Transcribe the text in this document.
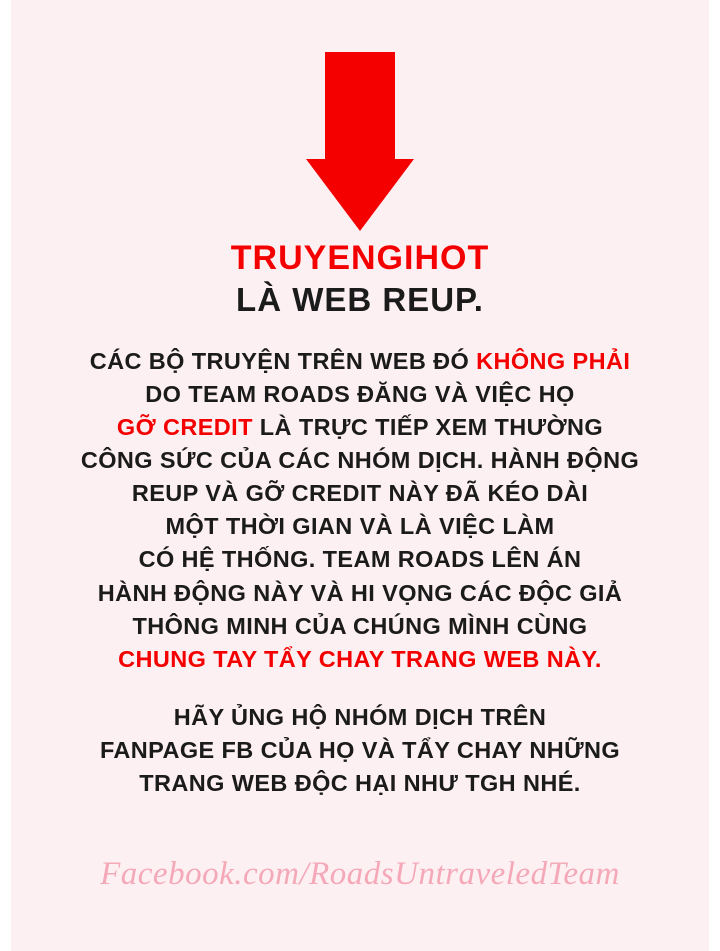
TRUYENGIHOT

LÀ WEB REUP.

CÁC BỘ TRUYỆN TRÊN WEB ĐÓ KHÔNG PHẢI
DO TEAM ROADS ĐĂNG VÀ VIỆC HỌ
GỠ CREDIT LÀ TRỰC TIẾP XEM THƯỜNG
CÔNG SỨC CỦA CÁC NHÓM DỊCH. HÀNH ĐỘNG
REUP VÀ GỠ CREDIT NÀY ĐÃ KÉO DÀI
MỘT THỜI GIAN VÀ LÀ VIỆC LÀM
CÓ HỆ THỐNG. TEAM ROADS LÊN ÁN
HÀNH ĐỘNG NÀY VÀ HI VỌNG CÁC ĐỘC GIẢ
THÔNG MINH CỦA CHÚNG MÌNH CÙNG
CHUNG TAY TẨY CHAY TRANG WEB NÀY.

HÃY ỦNG HỘ NHÓM DỊCH TRÊN
FANPAGE FB CỦA HỌ VÀ TẨY CHAY NHỮNG
TRANG WEB ĐỘC HẠI NHƯ TGH NHÉ.

Facebook.com/RoadsUntraveledTeam
